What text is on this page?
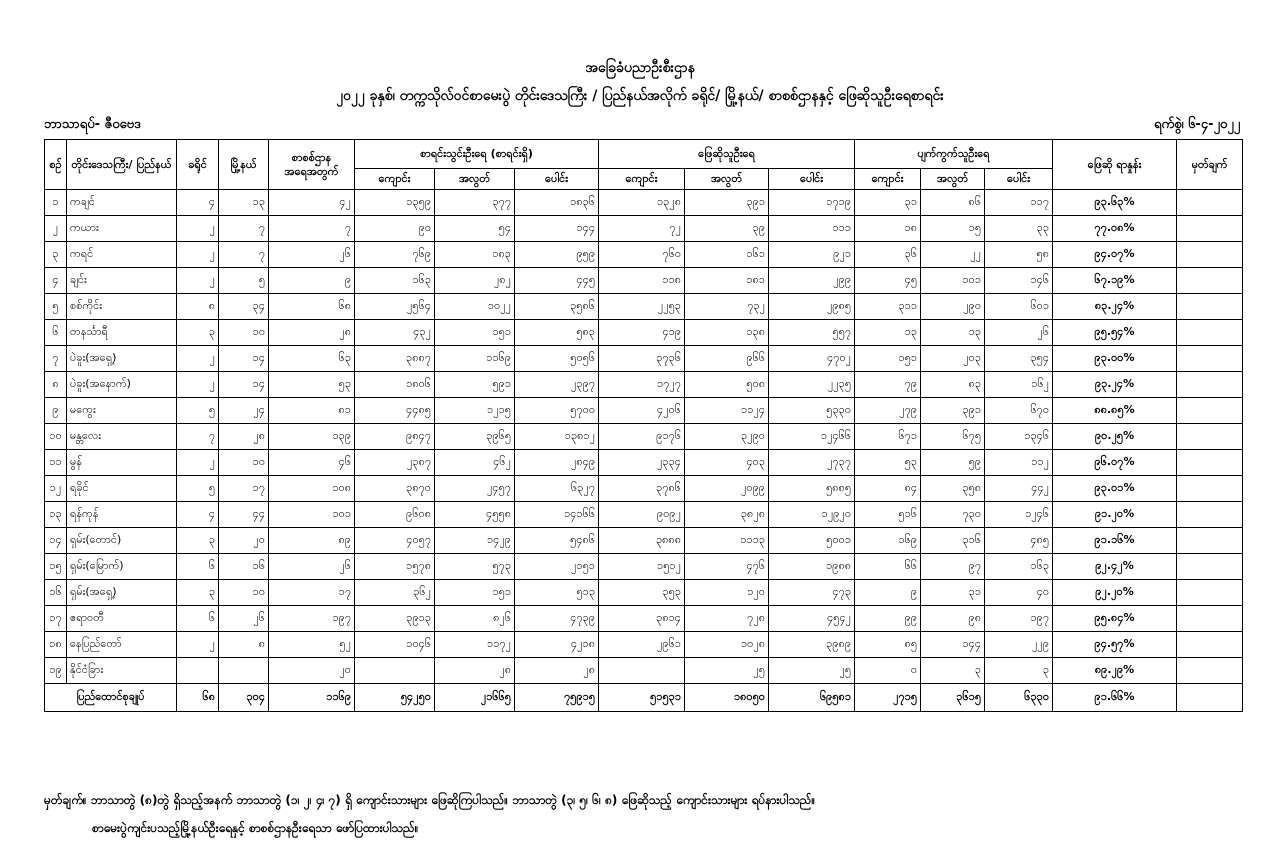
အခြေခံပညာဦးစီးဌာန
၂၀၂၂ ခုနှစ်၊ တက္ကသိုလ်ဝင်စာမေးပွဲ တိုင်းဒေသကြီး / ပြည်နယ်အလိုက် ခရိုင်/ မြို့နယ်/ စာစစ်ဌာနနှင့် ဖြေဆိုသူဦးရေစာရင်း
ဘာသာရပ်- ဇီဝဗေဒ	ရက်စွဲ၊ ၆-၄-၂၀၂၂
စဉ်	တိုင်းဒေသကြီး/ ပြည်နယ်	ခရိုင်	မြို့နယ်	စာစစ်ဌာန အရေအတွက်	စာရင်းသွင်းဦးရေ (စာရင်းရှိ)			ဖြေဆိုသူဦးရေ			ပျက်ကွက်သူဦးရေ			ဖြေဆို ရာနှုန်း	မှတ်ချက်
					ကျောင်း	အလွတ်	ပေါင်း	ကျောင်း	အလွတ်	ပေါင်း	ကျောင်း	အလွတ်	ပေါင်း		
၁	ကချင်	၄	၁၃	၄၂	၁၃၅၉	၃၇၇	၁၈၃၆	၁၃၂၈	၃၉၁	၁၇၁၉	၃၁	၈၆	၁၁၇	၉၃.၆၃%	
၂	ကယား	၂	၇	၇	၉၀	၅၄	၁၄၄	၇၂	၃၉	၁၁၁	၁၈	၁၅	၃၃	၇၇.၀၈%	
၃	ကရင်	၂	၇	၂၆	၇၆၉	၁၈၃	၉၅၉	၇၆၀	၁၆၁	၉၂၁	၃၆	၂၂	၅၈	၉၄.၀၇%	
၄	ချင်း	၂	၅	၉	၁၆၃	၂၈၂	၄၄၅	၁၁၈	၁၈၁	၂၉၉	၄၅	၁၀၁	၁၄၆	၆၇.၁၉%	
၅	စစ်ကိုင်း	၈	၃၄	၆၈	၂၅၆၄	၁၀၂၂	၃၅၈၆	၂၂၅၃	၇၃၂	၂၉၈၅	၃၁၁	၂၉၀	၆၀၁	၈၃.၂၄%	
၆	တနင်္သာရီ	၃	၁၀	၂၈	၄၃၂	၁၅၁	၅၈၃	၄၁၉	၁၃၈	၅၅၇	၁၃	၁၃	၂၆	၉၅.၅၄%	
၇	ပဲခူး(အရှေ့)	၂	၁၄	၆၃	၃၈၈၇	၁၁၆၉	၅၀၅၆	၃၇၃၆	၉၆၆	၄၇၀၂	၁၅၁	၂၀၃	၃၅၄	၉၃.၀၀%	
၈	ပဲခူး(အနောက်)	၂	၁၄	၅၃	၁၈၀၆	၅၉၁	၂၃၉၇	၁၇၂၇	၅၀၈	၂၂၃၅	၇၉	၈၃	၁၆၂	၉၃.၂၄%	
၉	မကွေး	၅	၂၄	၈၁	၄၄၈၅	၁၂၁၅	၅၇၀၀	၄၂၀၆	၁၁၂၄	၅၃၃၀	၂၇၉	၃၉၁	၆၇၀	၈၈.၈၅%	
၁၀	မန္တလေး	၇	၂၈	၁၃၉	၉၈၄၇	၃၉၆၅	၁၃၈၁၂	၉၁၇၆	၃၂၉၀	၁၂၄၆၆	၆၇၁	၆၇၅	၁၃၄၆	၉၀.၂၅%	
၁၁	မွန်	၂	၁၀	၄၆	၂၃၈၇	၄၆၂	၂၈၄၉	၂၃၃၄	၄၀၃	၂၇၃၇	၅၃	၅၉	၁၁၂	၉၆.၀၇%	
၁၂	ရခိုင်	၅	၁၇	၁၀၈	၃၈၇၀	၂၄၅၇	၆၃၂၇	၃၇၈၆	၂၀၉၉	၅၈၈၅	၈၄	၃၅၈	၄၄၂	၉၃.၀၁%	
၁၃	ရန်ကုန်	၄	၄၄	၁၀၁	၉၆၀၈	၄၅၅၈	၁၄၁၆၆	၉၀၉၂	၃၈၂၈	၁၂၉၂၀	၅၁၆	၇၃၀	၁၂၄၆	၉၁.၂၀%	
၁၄	ရှမ်း(တောင်)	၃	၂၀	၈၉	၄၀၅၇	၁၄၂၉	၅၄၈၆	၃၈၈၈	၁၁၁၃	၅၀၀၁	၁၆၉	၃၁၆	၄၈၅	၉၁.၁၆%	
၁၅	ရှမ်း(မြောက်)	၆	၁၆	၂၆	၁၅၇၈	၅၇၃	၂၁၅၁	၁၅၁၂	၄၇၆	၁၉၈၈	၆၆	၉၇	၁၆၃	၉၂.၄၂%	
၁၆	ရှမ်း(အရှေ့)	၃	၁၀	၁၇	၃၆၂	၁၅၁	၅၁၃	၃၅၃	၁၂၀	၄၇၃	၉	၃၁	၄၀	၉၂.၂၀%	
၁၇	ဧရာဝတီ	၆	၂၆	၁၉၇	၃၉၁၃	၈၂၆	၄၇၃၉	၃၈၁၄	၇၂၈	၄၅၄၂	၉၉	၉၈	၁၉၇	၉၅.၈၄%	
၁၈	နေပြည်တော်	၂	၈	၅၂	၁၀၄၆	၁၁၇၂	၄၂၁၈	၂၉၆၁	၁၀၂၈	၃၉၈၉	၈၅	၁၄၄	၂၂၉	၉၄.၅၇%	
၁၉	နိုင်ငံခြား			၂၀		၂၈	၂၈		၂၅	၂၅	၀	၃	၃	၈၉.၂၉%	
ပြည်ထောင်စုချုပ်		၆၈	၃၀၄	၁၁၆၉	၅၄၂၅၀	၂၁၆၆၅	၇၅၉၁၅	၅၁၅၃၁	၁၈၀၅၀	၆၉၅၈၁	၂၇၁၅	၃၆၁၅	၆၃၃၀	၉၁.၆၆%	
မှတ်ချက်။ ဘာသာတွဲ (၈)တွဲ ရှိသည့်အနက် ဘာသာတွဲ (၁၊ ၂၊ ၄၊ ၇) ရှိ ကျောင်းသားများ ဖြေဆိုကြပါသည်။ ဘာသာတွဲ (၃၊ ၅၊ ၆၊ ၈) ဖြေဆိုသည့် ကျောင်းသားများ ရပ်နားပါသည်။
စာမေးပွဲကျင်းပသည့်မြို့နယ်ဦးရေနှင့် စာစစ်ဌာနဦးရေသာ ဖော်ပြထားပါသည်။
